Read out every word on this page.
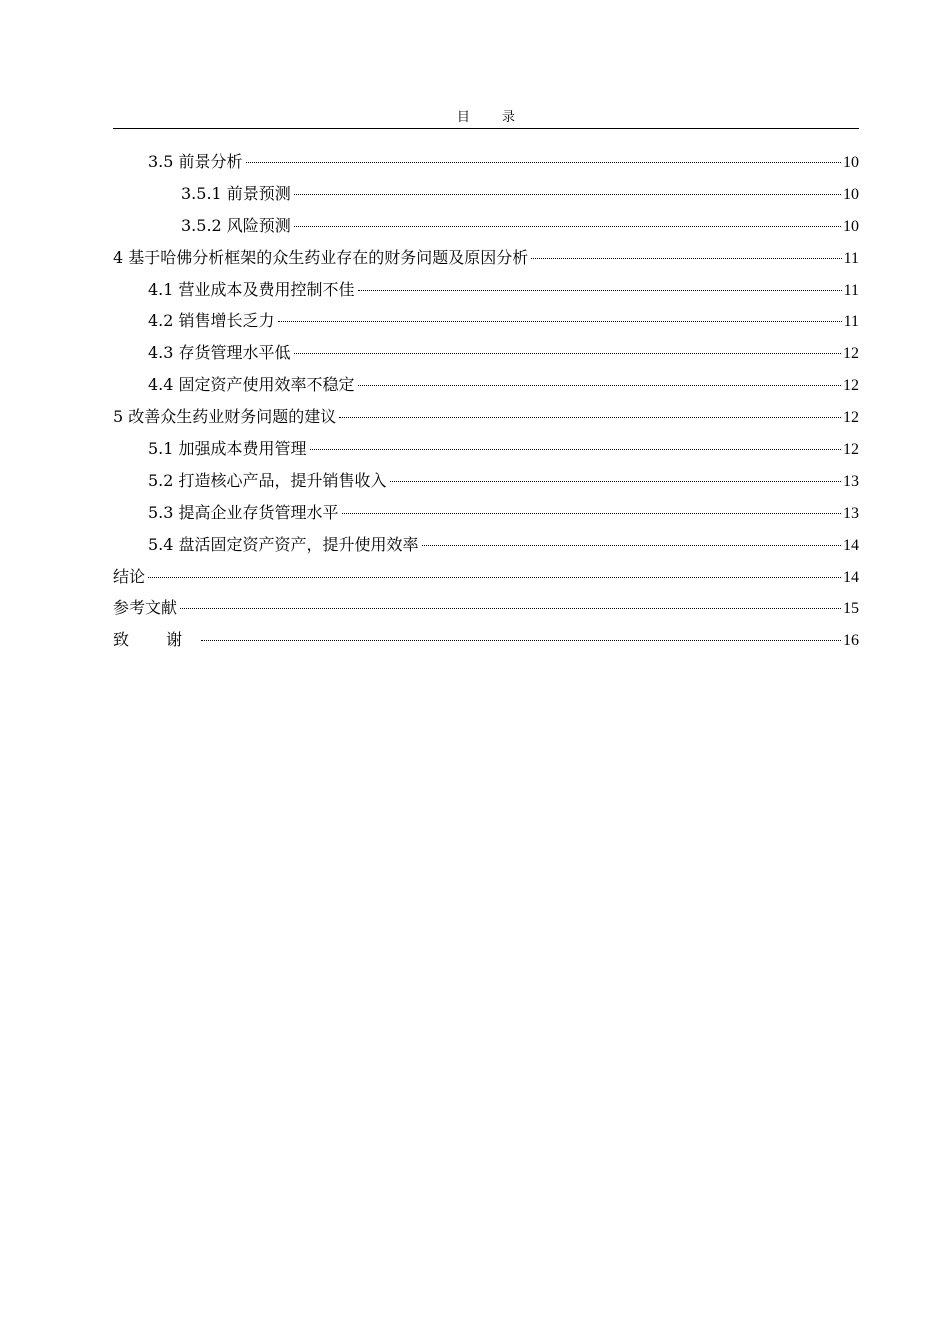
目 录
3.5 前景分析	10
3.5.1 前景预测	10
3.5.2 风险预测	10
4 基于哈佛分析框架的众生药业存在的财务问题及原因分析	11
4.1 营业成本及费用控制不佳	11
4.2 销售增长乏力	11
4.3 存货管理水平低	12
4.4 固定资产使用效率不稳定	12
5 改善众生药业财务问题的建议	12
5.1 加强成本费用管理	12
5.2 打造核心产品，提升销售收入	13
5.3 提高企业存货管理水平	13
5.4 盘活固定资产资产，提升使用效率	14
结论	14
参考文献	15
致 谢	16
